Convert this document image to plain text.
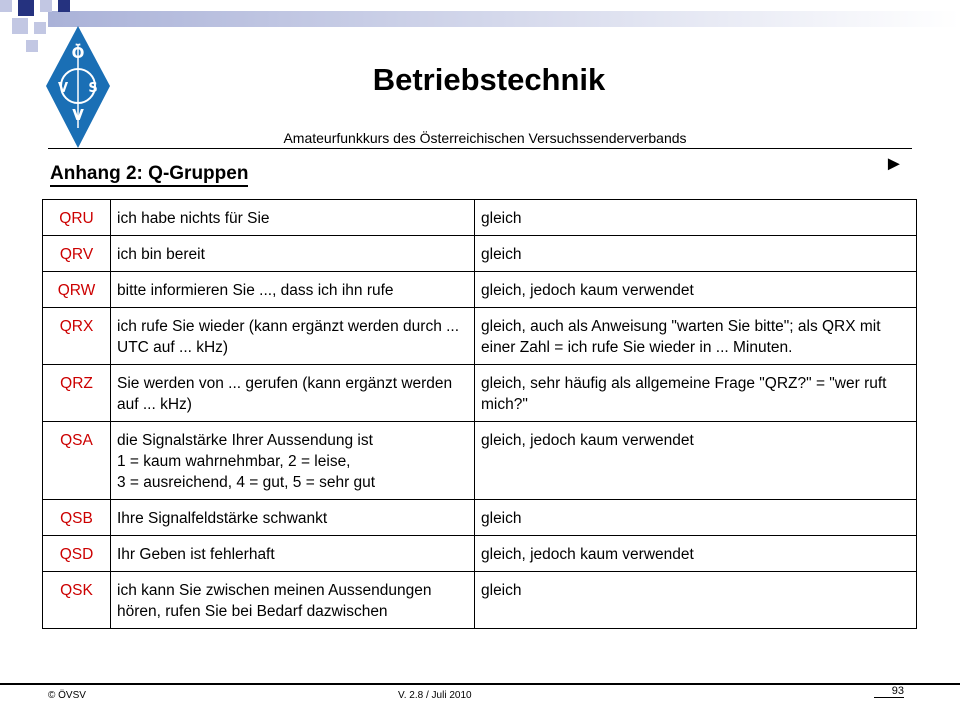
Ö
V S
V
Betriebstechnik
Amateurfunkkurs des Österreichischen Versuchssenderverbands
Anhang 2: Q-Gruppen	►
QRU	ich habe nichts für Sie	gleich
QRV	ich bin bereit	gleich
QRW	bitte informieren Sie ..., dass ich ihn rufe	gleich, jedoch kaum verwendet
QRX	ich rufe Sie wieder (kann ergänzt werden durch ... UTC auf ... kHz)	gleich, auch als Anweisung "warten Sie bitte"; als QRX mit einer Zahl = ich rufe Sie wieder in ... Minuten.
QRZ	Sie werden von ... gerufen (kann ergänzt werden auf ... kHz)	gleich, sehr häufig als allgemeine Frage "QRZ?" = "wer ruft mich?"
QSA	die Signalstärke Ihrer Aussendung ist
1 = kaum wahrnehmbar, 2 = leise,
3 = ausreichend, 4 = gut, 5 = sehr gut	gleich, jedoch kaum verwendet
QSB	Ihre Signalfeldstärke schwankt	gleich
QSD	Ihr Geben ist fehlerhaft	gleich, jedoch kaum verwendet
QSK	ich kann Sie zwischen meinen Aussendungen hören, rufen Sie bei Bedarf dazwischen	gleich
© ÖVSV	V. 2.8 / Juli 2010	93
